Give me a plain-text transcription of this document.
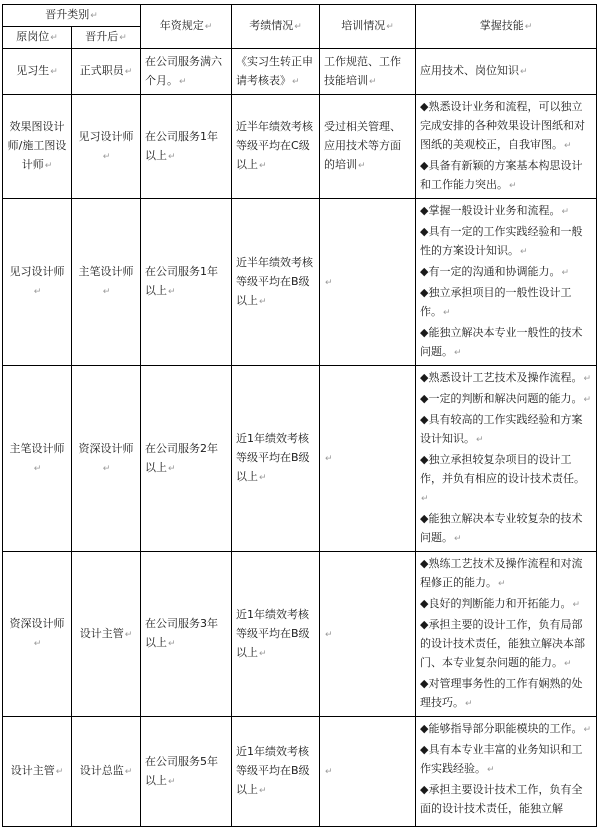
晋升类别↵		年资规定↵	考绩情况↵	培训情况↵	掌握技能↵
原岗位↵	晋升后↵				
见习生↵	正式职员↵	在公司服务满六个月。↵	《实习生转正申请考核表》↵	工作规范、工作技能培训↵	应用技术、岗位知识↵

效果图设计师/施工图设计师↵	见习设计师↵	在公司服务1年以上↵	近半年绩效考核等级平均在C级以上↵	受过相关管理、应用技术等方面的培训↵	◆熟悉设计业务和流程，可以独立完成安排的各种效果设计图纸和对图纸的美观校正，自我审图。↵
◆具备有新颖的方案基本构思设计和工作能力突出。↵

见习设计师↵	主笔设计师↵	在公司服务1年以上↵	近半年绩效考核等级平均在B级以上↵	↵	◆掌握一般设计业务和流程。↵
◆具有一定的工作实践经验和一般性的方案设计知识。↵
◆有一定的沟通和协调能力。↵
◆独立承担项目的一般性设计工作。↵
◆能独立解决本专业一般性的技术问题。↵

主笔设计师↵	资深设计师↵	在公司服务2年以上↵	近1年绩效考核等级平均在B级以上↵	↵	◆熟悉设计工艺技术及操作流程。↵
◆一定的判断和解决问题的能力。↵
◆具有较高的工作实践经验和方案设计知识。↵
◆独立承担较复杂项目的设计工作，并负有相应的设计技术责任。↵
◆能独立解决本专业较复杂的技术问题。↵

资深设计师↵	设计主管↵	在公司服务3年以上↵	近1年绩效考核等级平均在B级以上↵	↵	◆熟练工艺技术及操作流程和对流程修正的能力。↵
◆良好的判断能力和开拓能力。↵
◆承担主要的设计工作，负有局部的设计技术责任，能独立解决本部门、本专业复杂问题的能力。↵
◆对管理事务性的工作有娴熟的处理技巧。↵

设计主管↵	设计总监↵	在公司服务5年以上↵	近1年绩效考核等级平均在B级以上↵	↵	◆能够指导部分职能模块的工作。↵
◆具有本专业丰富的业务知识和工作实践经验。↵
◆承担主要设计技术工作，负有全面的设计技术责任，能独立解
